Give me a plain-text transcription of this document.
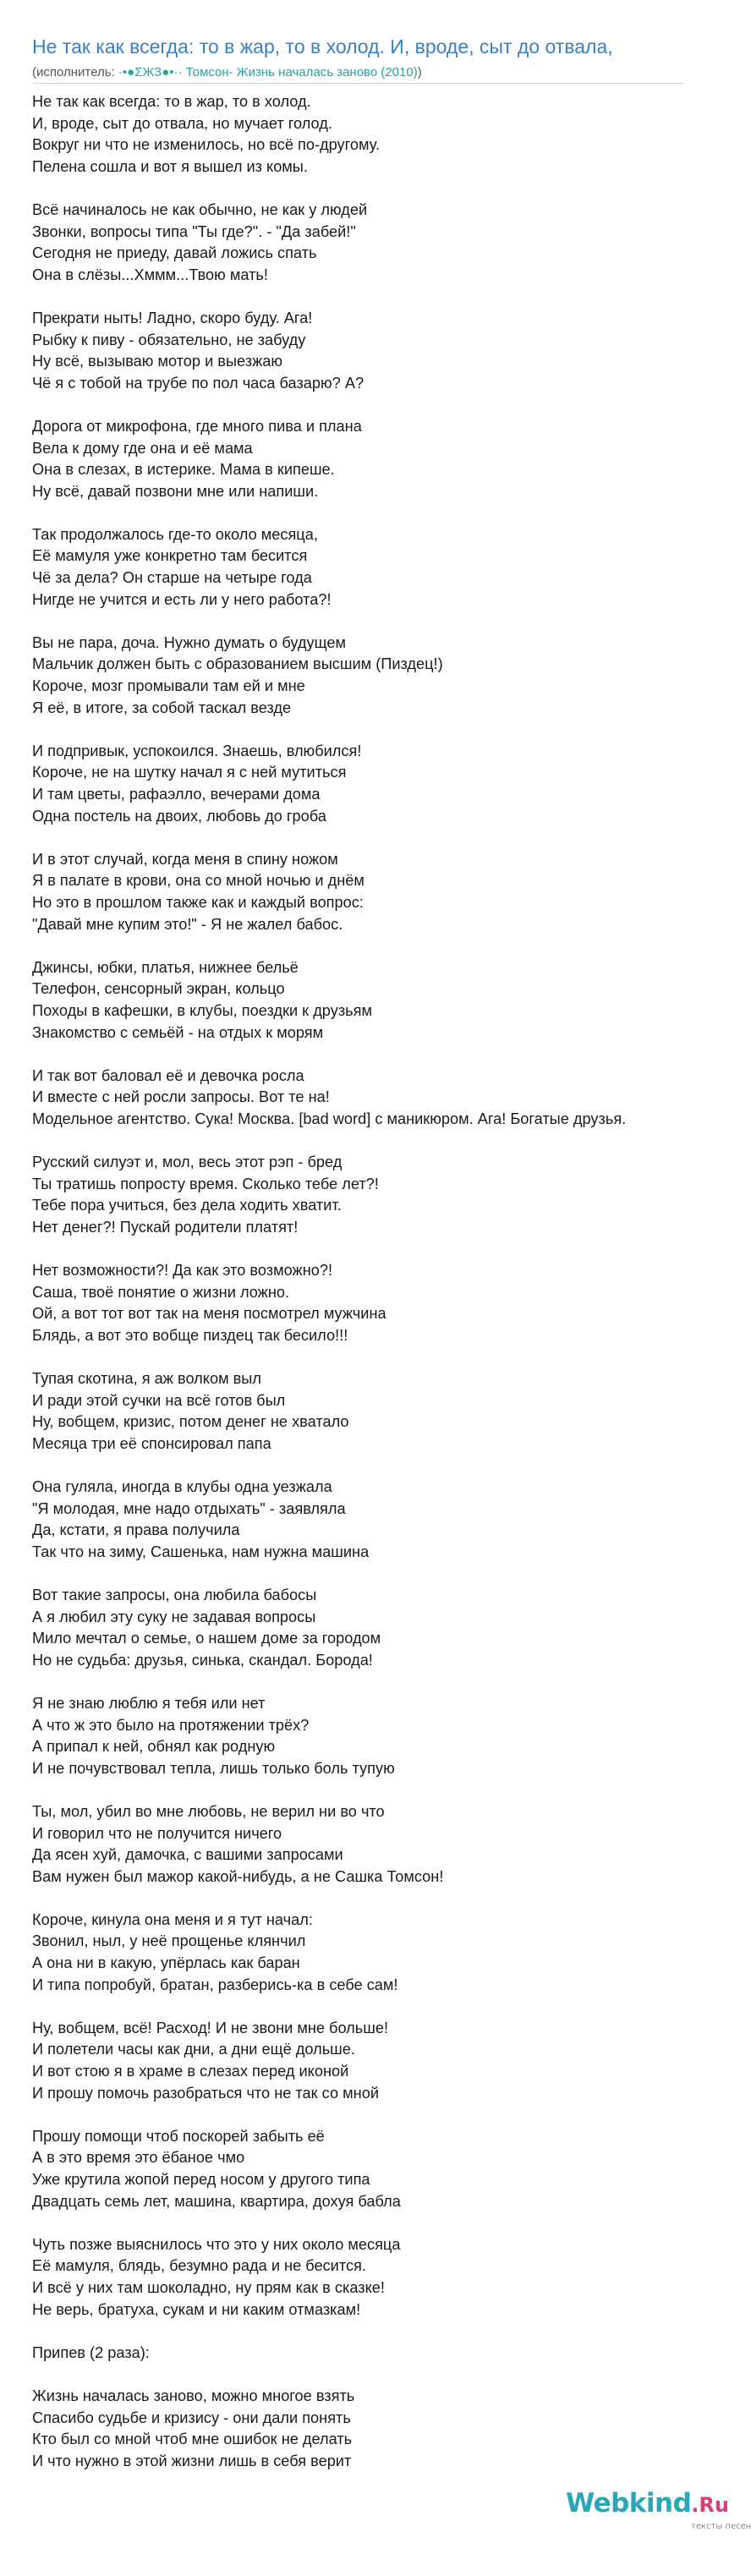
Не так как всегда: то в жар, то в холод. И, вроде, сыт до отвала,
(исполнитель: ·•●ΣЖЗ●•·· Томсон- Жизнь началась заново (2010))
Не так как всегда: то в жар, то в холод.
И, вроде, сыт до отвала, но мучает голод.
Вокруг ни что не изменилось, но всё по-другому.
Пелена сошла и вот я вышел из комы.
Всё начиналось не как обычно, не как у людей
Звонки, вопросы типа "Ты где?". - "Да забей!"
Сегодня не приеду, давай ложись спать
Она в слёзы...Хммм...Твою мать!
Прекрати ныть! Ладно, скоро буду. Ага!
Рыбку к пиву - обязательно, не забуду
Ну всё, вызываю мотор и выезжаю
Чё я с тобой на трубе по пол часа базарю? А?
Дорога от микрофона, где много пива и плана
Вела к дому где она и её мама
Она в слезах, в истерике. Мама в кипеше.
Ну всё, давай позвони мне или напиши.
Так продолжалось где-то около месяца,
Её мамуля уже конкретно там бесится
Чё за дела? Он старше на четыре года
Нигде не учится и есть ли у него работа?!
Вы не пара, доча. Нужно думать о будущем
Мальчик должен быть с образованием высшим (Пиздец!)
Короче, мозг промывали там ей и мне
Я её, в итоге, за собой таскал везде
И подпривык, успокоился. Знаешь, влюбился!
Короче, не на шутку начал я с ней мутиться
И там цветы, рафаэлло, вечерами дома
Одна постель на двоих, любовь до гроба
И в этот случай, когда меня в спину ножом
Я в палате в крови, она со мной ночью и днём
Но это в прошлом также как и каждый вопрос:
"Давай мне купим это!" - Я не жалел бабос.
Джинсы, юбки, платья, нижнее бельё
Телефон, сенсорный экран, кольцо
Походы в кафешки, в клубы, поездки к друзьям
Знакомство с семьёй - на отдых к морям
И так вот баловал её и девочка росла
И вместе с ней росли запросы. Вот те на!
Модельное агентство. Сука! Москва. [bad word] с маникюром. Ага! Богатые друзья.
Русский силуэт и, мол, весь этот рэп - бред
Ты тратишь попросту время. Сколько тебе лет?!
Тебе пора учиться, без дела ходить хватит.
Нет денег?! Пускай родители платят!
Нет возможности?! Да как это возможно?!
Саша, твоё понятие о жизни ложно.
Ой, а вот тот вот так на меня посмотрел мужчина
Блядь, а вот это вобще пиздец так бесило!!!
Тупая скотина, я аж волком выл
И ради этой сучки на всё готов был
Ну, вобщем, кризис, потом денег не хватало
Месяца три её спонсировал папа
Она гуляла, иногда в клубы одна уезжала
"Я молодая, мне надо отдыхать" - заявляла
Да, кстати, я права получила
Так что на зиму, Сашенька, нам нужна машина
Вот такие запросы, она любила бабосы
А я любил эту суку не задавая вопросы
Мило мечтал о семье, о нашем доме за городом
Но не судьба: друзья, синька, скандал. Борода!
Я не знаю люблю я тебя или нет
А что ж это было на протяжении трёх?
А припал к ней, обнял как родную
И не почувствовал тепла, лишь только боль тупую
Ты, мол, убил во мне любовь, не верил ни во что
И говорил что не получится ничего
Да ясен хуй, дамочка, с вашими запросами
Вам нужен был мажор какой-нибудь, а не Сашка Томсон!
Короче, кинула она меня и я тут начал:
Звонил, ныл, у неё прощенье клянчил
А она ни в какую, упёрлась как баран
И типа попробуй, братан, разберись-ка в себе сам!
Ну, вобщем, всё! Расход! И не звони мне больше!
И полетели часы как дни, а дни ещё дольше.
И вот стою я в храме в слезах перед иконой
И прошу помочь разобраться что не так со мной
Прошу помощи чтоб поскорей забыть её
А в это время это ёбаное чмо
Уже крутила жопой перед носом у другого типа
Двадцать семь лет, машина, квартира, дохуя бабла
Чуть позже выяснилось что это у них около месяца
Её мамуля, блядь, безумно рада и не бесится.
И всё у них там шоколадно, ну прям как в сказке!
Не верь, братуха, сукам и ни каким отмазкам!
Припев (2 раза):
Жизнь началась заново, можно многое взять
Спасибо судьбе и кризису - они дали понять
Кто был со мной чтоб мне ошибок не делать
И что нужно в этой жизни лишь в себя верит
Webkind.Ru
тексты песен
